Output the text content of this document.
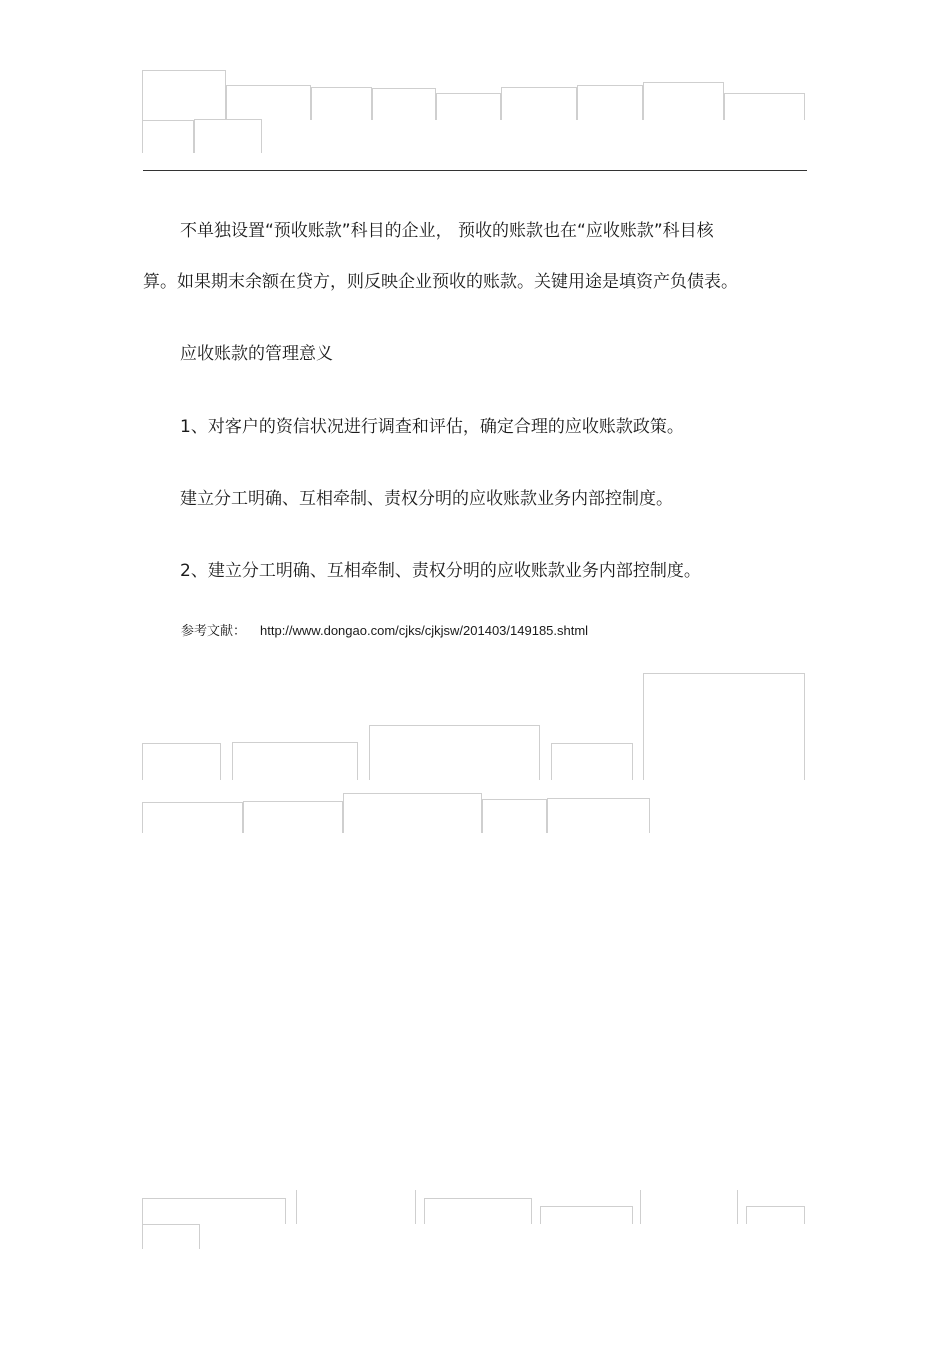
不单独设置“预收账款”科目的企业， 预收的账款也在“应收账款”科目核

算。如果期末余额在贷方，则反映企业预收的账款。关键用途是填资产负债表。

应收账款的管理意义

1、对客户的资信状况进行调查和评估，确定合理的应收账款政策。

建立分工明确、互相牵制、责权分明的应收账款业务内部控制度。

2、建立分工明确、互相牵制、责权分明的应收账款业务内部控制度。

参考文献： http://www.dongao.com/cjks/cjkjsw/201403/149185.shtml
